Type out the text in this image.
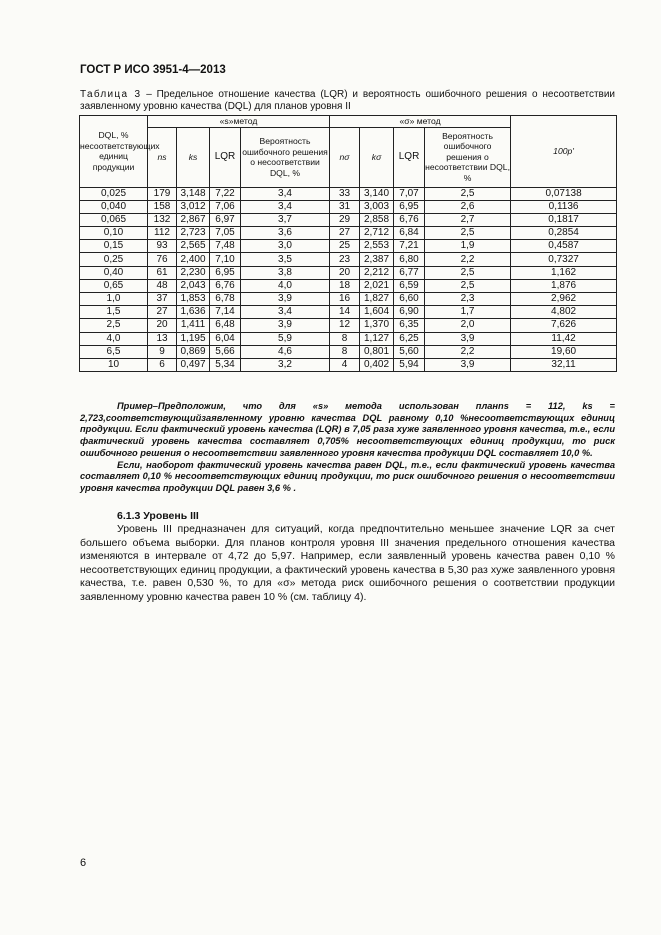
ГОСТ Р ИСО 3951-4—2013
Таблица 3 – Предельное отношение качества (LQR) и вероятность ошибочного решения о несоответствии заявленному уровню качества (DQL) для планов уровня II
DQL, % несоответствующих единиц продукции	«s»метод				«σ» метод				100p'
	ns	ks	LQR	Вероятность ошибочного решения о несоответствии DQL, %	nσ	kσ	LQR	Вероятность ошибочного решения о несоответствии DQL, %	
0,025	179	3,148	7,22	3,4	33	3,140	7,07	2,5	0,07138
0,040	158	3,012	7,06	3,4	31	3,003	6,95	2,6	0,1136
0,065	132	2,867	6,97	3,7	29	2,858	6,76	2,7	0,1817
0,10	112	2,723	7,05	3,6	27	2,712	6,84	2,5	0,2854
0,15	93	2,565	7,48	3,0	25	2,553	7,21	1,9	0,4587
0,25	76	2,400	7,10	3,5	23	2,387	6,80	2,2	0,7327
0,40	61	2,230	6,95	3,8	20	2,212	6,77	2,5	1,162
0,65	48	2,043	6,76	4,0	18	2,021	6,59	2,5	1,876
1,0	37	1,853	6,78	3,9	16	1,827	6,60	2,3	2,962
1,5	27	1,636	7,14	3,4	14	1,604	6,90	1,7	4,802
2,5	20	1,411	6,48	3,9	12	1,370	6,35	2,0	7,626
4,0	13	1,195	6,04	5,9	8	1,127	6,25	3,9	11,42
6,5	9	0,869	5,66	4,6	8	0,801	5,60	2,2	19,60
10	6	0,497	5,34	3,2	4	0,402	5,94	3,9	32,11

Пример–Предположим, что для «s» метода использован планns = 112, ks = 2,723,соответствующийзаявленному уровню качества DQL равному 0,10 %несоответствующих единиц продукции. Если фактический уровень качества (LQR) в 7,05 раза хуже заявленного уровня качества, т.е., если фактический уровень качества составляет 0,705% несоответствующих единиц продукции, то риск ошибочного решения о несоответствии заявленного уровня качества продукции DQL составляет 10,0 %.

Если, наоборот фактический уровень качества равен DQL, т.е., если фактический уровень качества составляет 0,10 % несоответствующих единиц продукции, то риск ошибочного решения о несоответствии уровня качества продукции DQL равен 3,6 % .

6.1.3 Уровень III

Уровень III предназначен для ситуаций, когда предпочтительно меньшее значение LQR за счет большего объема выборки. Для планов контроля уровня III значения предельного отношения качества изменяются в интервале от 4,72 до 5,97. Например, если заявленный уровень качества равен 0,10 % несоответствующих единиц продукции, а фактический уровень качества в 5,30 раз хуже заявленного уровня качества, т.е. равен 0,530 %, то для «σ» метода риск ошибочного решения о соответствии продукции заявленному уровню качества равен 10 % (см. таблицу 4).

6
